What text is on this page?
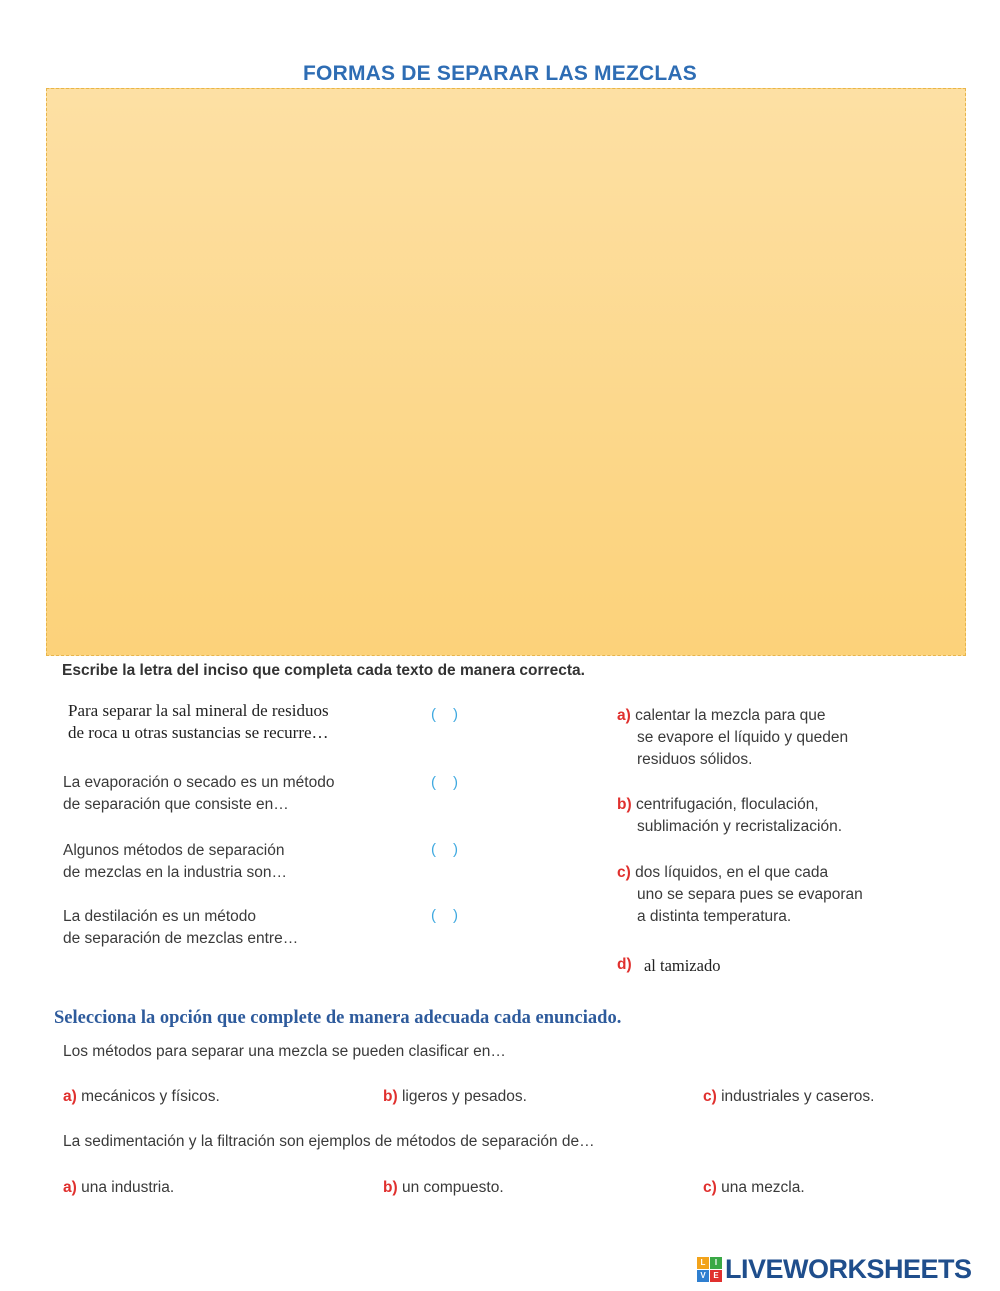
FORMAS DE SEPARAR LAS MEZCLAS
Escribe la letra del inciso que completa cada texto de manera correcta.
Para separar la sal mineral de residuos
de roca u otras sustancias se recurre…
La evaporación o secado es un método
de separación que consiste en…
Algunos métodos de separación
de mezclas en la industria son…
La destilación es un método
de separación de mezclas entre…
( )
( )
( )
( )
a) calentar la mezcla para que
se evapore el líquido y queden
residuos sólidos.
b) centrifugación, floculación,
sublimación y recristalización.
c) dos líquidos, en el que cada
uno se separa pues se evaporan
a distinta temperatura.
d) al tamizado
Selecciona la opción que complete de manera adecuada cada enunciado.
Los métodos para separar una mezcla se pueden clasificar en…
a) mecánicos y físicos.	b) ligeros y pesados.	c) industriales y caseros.
La sedimentación y la filtración son ejemplos de métodos de separación de…
a) una industria.	b) un compuesto.	c) una mezcla.
L	I
V E LIVEWORKSHEETS
